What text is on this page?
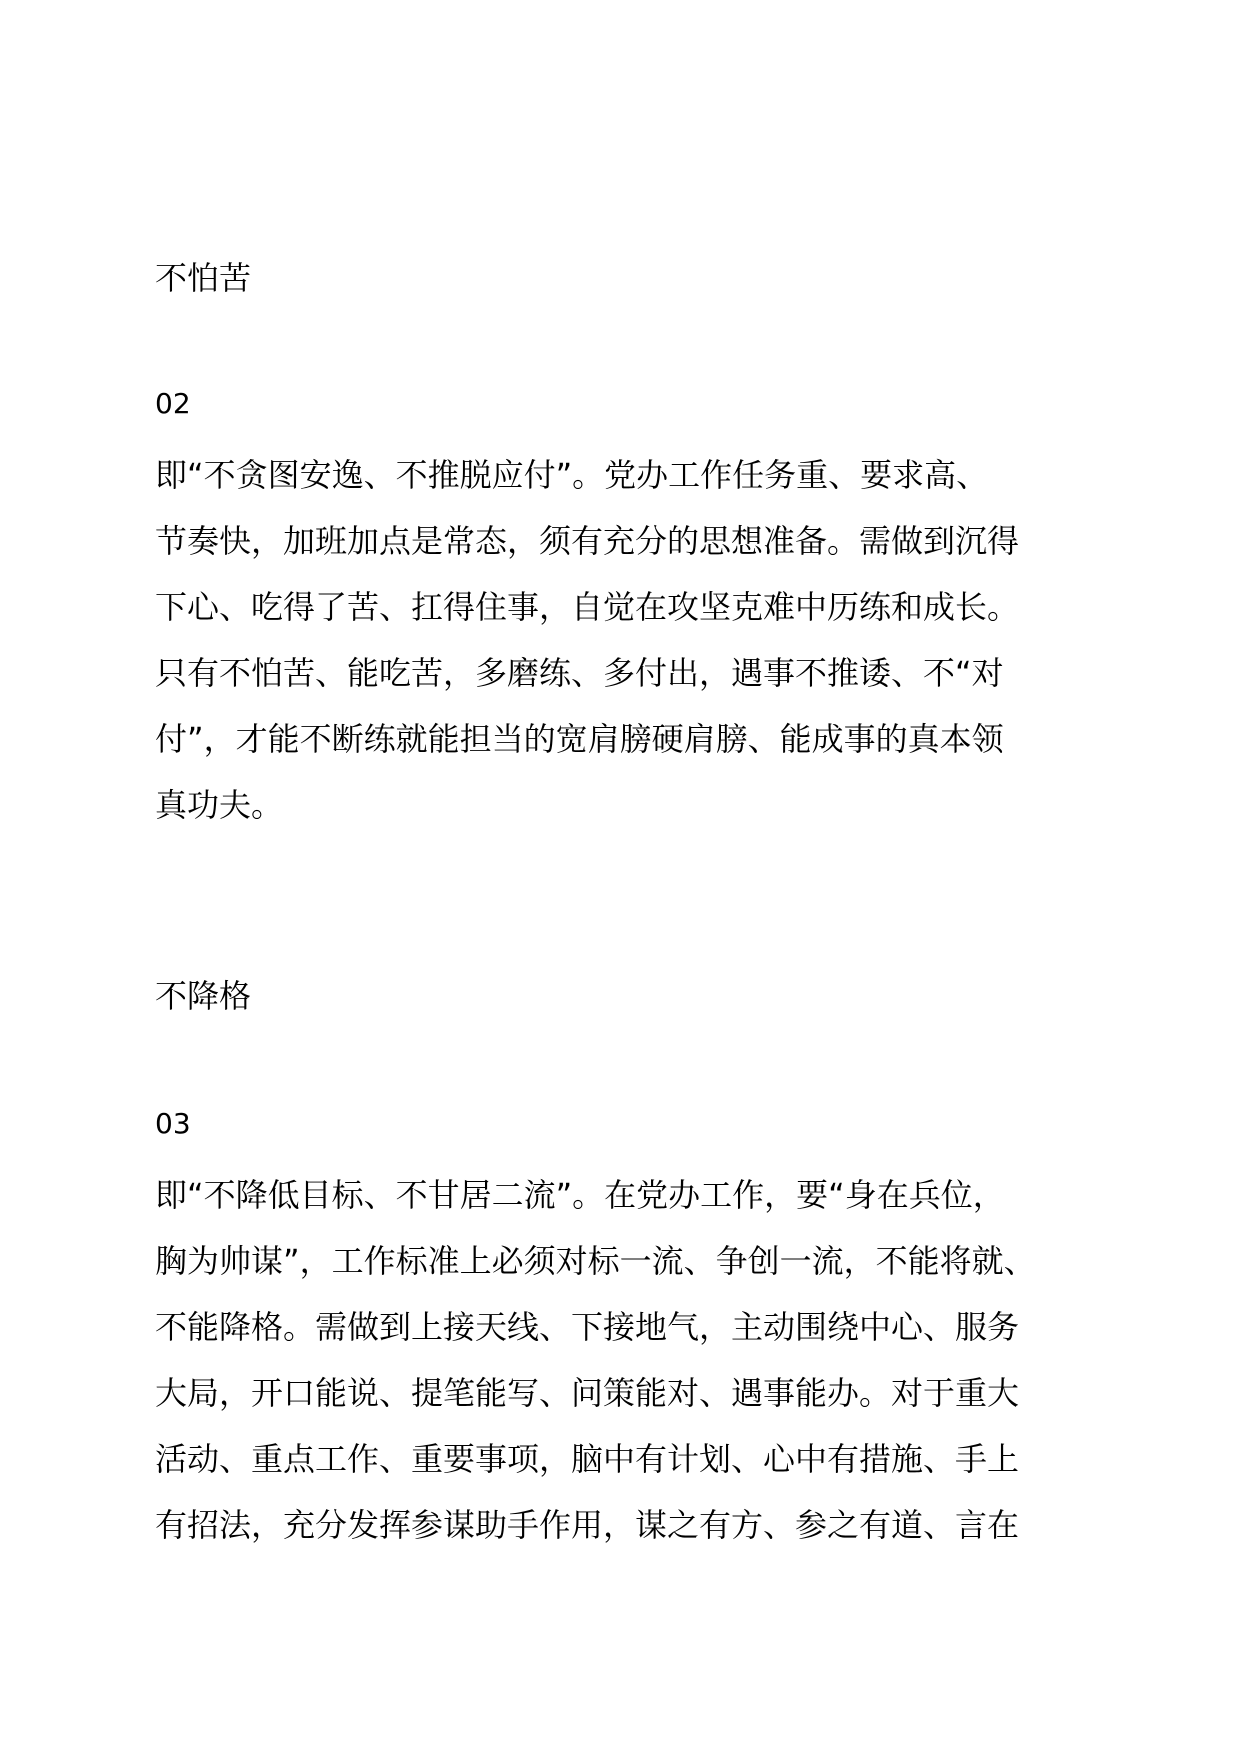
不怕苦
02
即“不贪图安逸、不推脱应付”。党办工作任务重、要求高、
节奏快，加班加点是常态，须有充分的思想准备。需做到沉得
下心、吃得了苦、扛得住事，自觉在攻坚克难中历练和成长。
只有不怕苦、能吃苦，多磨练、多付出，遇事不推诿、不“对
付”，才能不断练就能担当的宽肩膀硬肩膀、能成事的真本领
真功夫。
不降格
03
即“不降低目标、不甘居二流”。在党办工作，要“身在兵位，
胸为帅谋”，工作标准上必须对标一流、争创一流，不能将就、
不能降格。需做到上接天线、下接地气，主动围绕中心、服务
大局，开口能说、提笔能写、问策能对、遇事能办。对于重大
活动、重点工作、重要事项，脑中有计划、心中有措施、手上
有招法，充分发挥参谋助手作用，谋之有方、参之有道、言在
